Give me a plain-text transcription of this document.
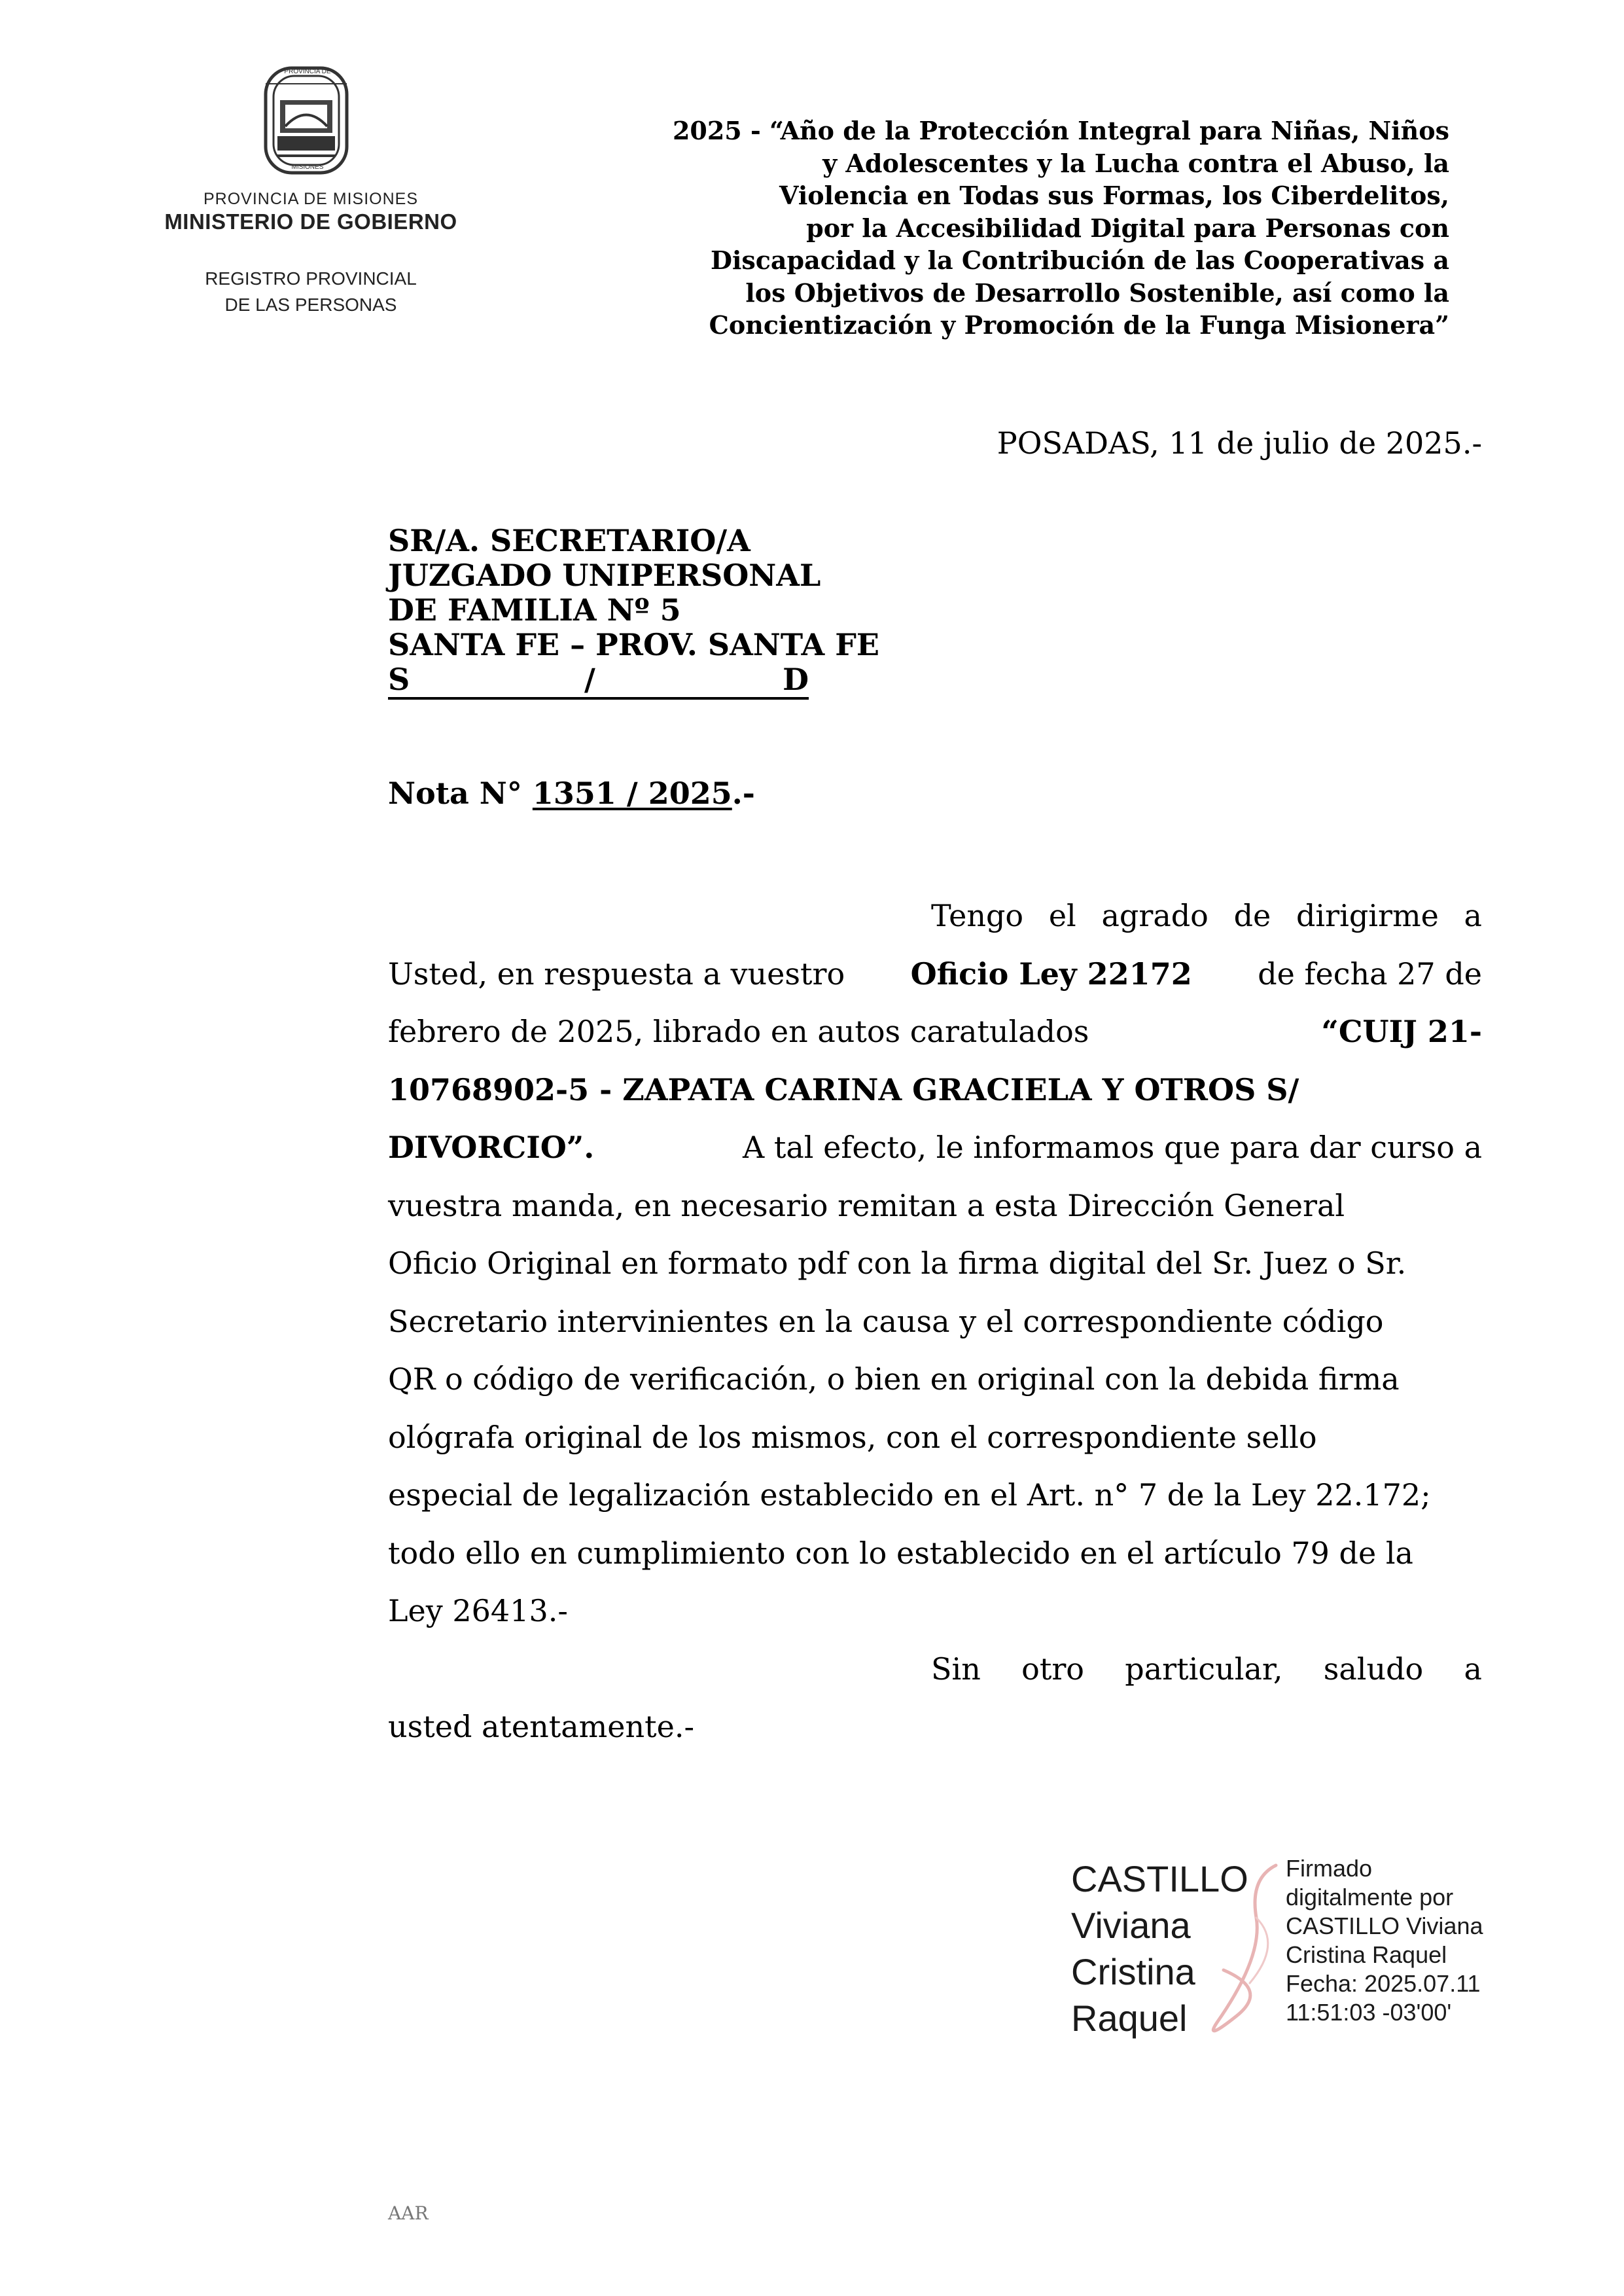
PROVINCIA DE
MISIONES
PROVINCIA DE MISIONES
MINISTERIO DE GOBIERNO
REGISTRO PROVINCIAL
DE LAS PERSONAS
2025 - “Año de la Protección Integral para Niñas, Niños
y Adolescentes y la Lucha contra el Abuso, la
Violencia en Todas sus Formas, los Ciberdelitos,
por la Accesibilidad Digital para Personas con
Discapacidad y la Contribución de las Cooperativas a
los Objetivos de Desarrollo Sostenible, así como la
Concientización y Promoción de la Funga Misionera”
POSADAS, 11 de julio de 2025.-
SR/A. SECRETARIO/A
JUZGADO UNIPERSONAL
DE FAMILIA Nº 5
SANTA FE – PROV. SANTA FE
S	/	D
Nota N° 1351 / 2025.-
Tengo el agrado de dirigirme a
Usted, en respuesta a vuestro Oficio Ley 22172 de fecha 27 de
febrero de 2025, librado en autos caratulados	“CUIJ 21-
10768902-5 - ZAPATA CARINA GRACIELA Y OTROS S/
DIVORCIO”.	A tal efecto, le informamos que para dar curso a
vuestra manda, en necesario remitan a esta Dirección General
Oficio Original en formato pdf con la firma digital del Sr. Juez o Sr.
Secretario intervinientes en la causa y el correspondiente código
QR o código de verificación, o bien en original con la debida firma
ológrafa original de los mismos, con el correspondiente sello
especial de legalización establecido en el Art. n° 7 de la Ley 22.172;
todo ello en cumplimiento con lo establecido en el artículo 79 de la
Ley 26413.-
Sin otro particular, saludo a
usted atentamente.-
CASTILLO
Viviana
Cristina
Raquel
Firmado
digitalmente por
CASTILLO Viviana
Cristina Raquel
Fecha: 2025.07.11
11:51:03 -03'00'
AAR
